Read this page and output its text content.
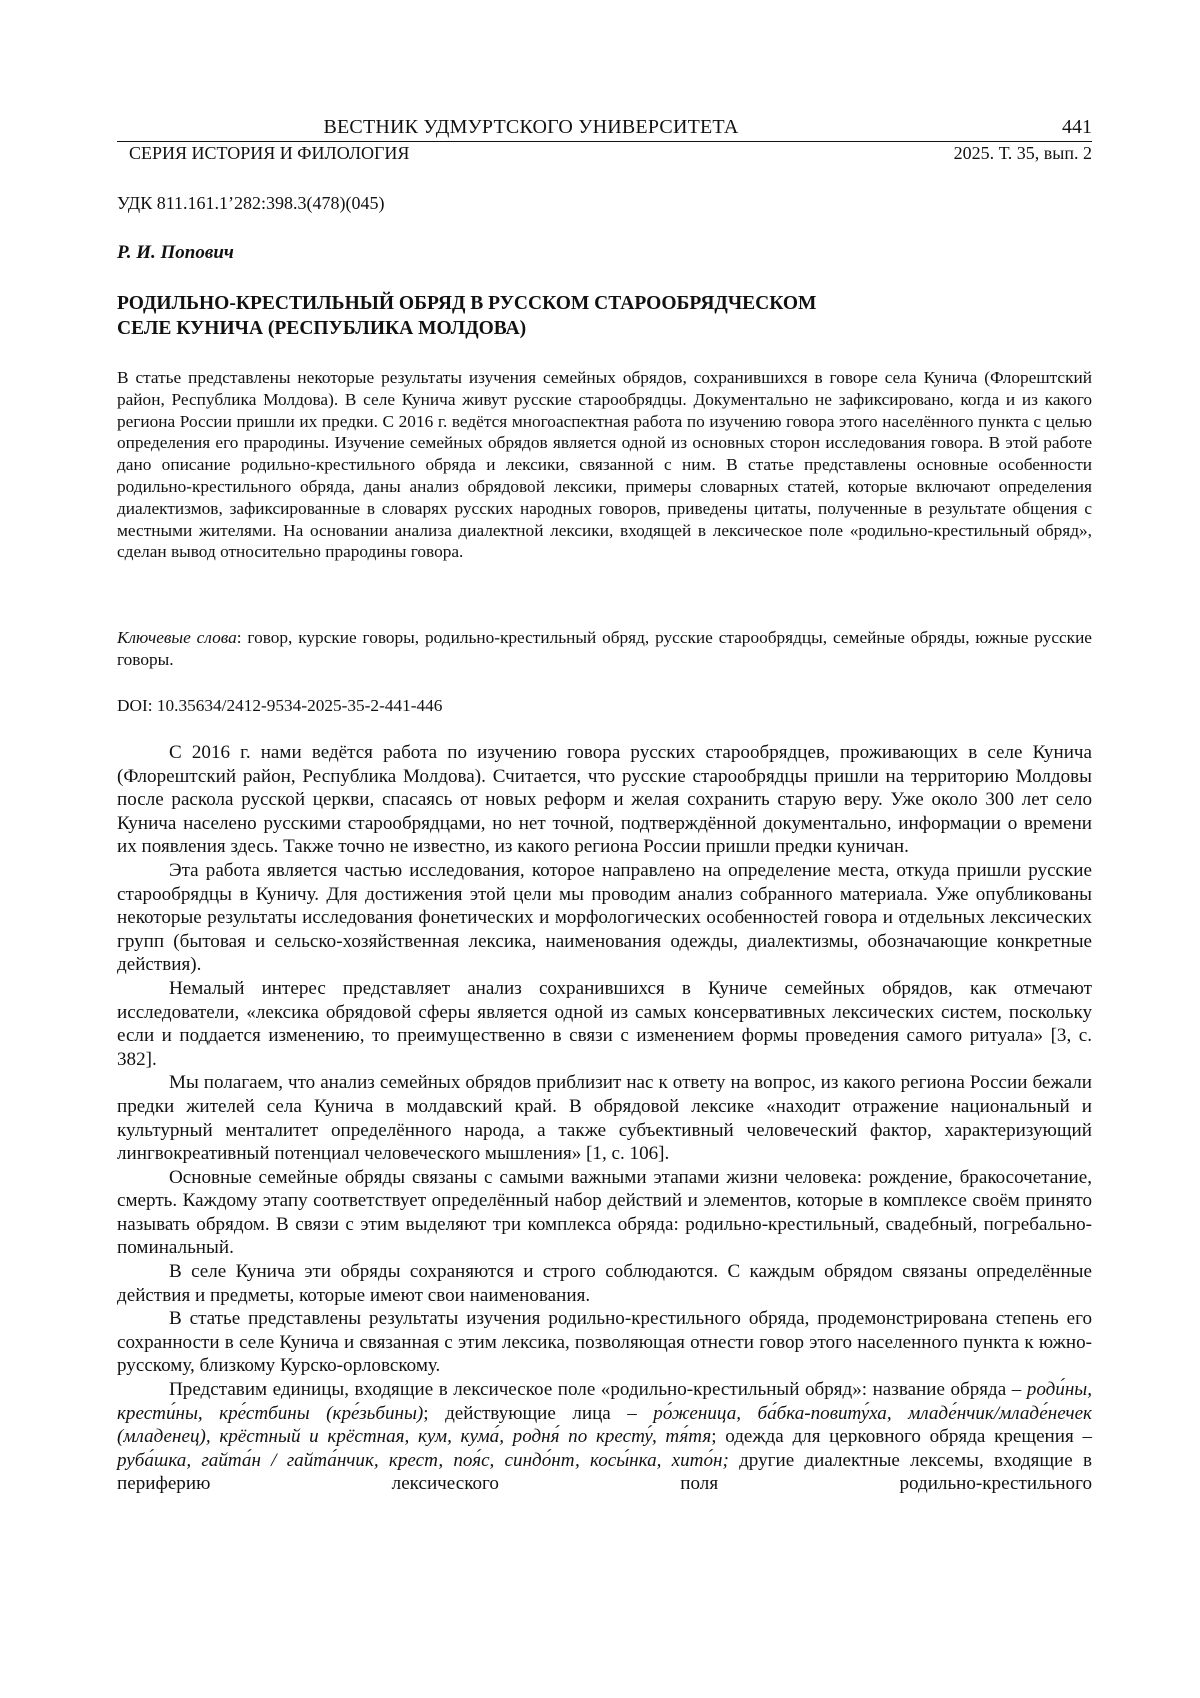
ВЕСТНИК УДМУРТСКОГО УНИВЕРСИТЕТА	441
СЕРИЯ ИСТОРИЯ И ФИЛОЛОГИЯ	2025. Т. 35, вып. 2
УДК 811.161.1’282:398.3(478)(045)
Р. И. Попович
РОДИЛЬНО-КРЕСТИЛЬНЫЙ ОБРЯД В РУССКОМ СТАРООБРЯДЧЕСКОМ
СЕЛЕ КУНИЧА (РЕСПУБЛИКА МОЛДОВА)

В статье представлены некоторые результаты изучения семейных обрядов, сохранившихся в говоре села Кунича (Флорештский район, Республика Молдова). В селе Кунича живут русские старообрядцы. Документально не зафиксировано, когда и из какого региона России пришли их предки. С 2016 г. ведётся многоаспектная работа по изучению говора этого населённого пункта с целью определения его прародины. Изучение семейных обрядов является одной из основных сторон исследования говора. В этой работе дано описание родильно-крестильного обряда и лексики, связанной с ним. В статье представлены основные особенности родильно-крестильного обряда, даны анализ обрядовой лексики, примеры словарных статей, которые включают определения диалектизмов, зафиксированные в словарях русских народных говоров, приведены цитаты, полученные в результате общения с местными жителями. На основании анализа диалектной лексики, входящей в лексическое поле «родильно-крестильный обряд», сделан вывод относительно прародины говора.

Ключевые слова: говор, курские говоры, родильно-крестильный обряд, русские старообрядцы, семейные обряды, южные русские говоры.

DOI: 10.35634/2412-9534-2025-35-2-441-446

С 2016 г. нами ведётся работа по изучению говора русских старообрядцев, проживающих в селе Кунича (Флорештский район, Республика Молдова). Считается, что русские старообрядцы пришли на территорию Молдовы после раскола русской церкви, спасаясь от новых реформ и желая сохранить старую веру. Уже около 300 лет село Кунича населено русскими старообрядцами, но нет точной, подтверждённой документально, информации о времени их появления здесь. Также точно не известно, из какого региона России пришли предки куничан.

Эта работа является частью исследования, которое направлено на определение места, откуда пришли русские старообрядцы в Куничу. Для достижения этой цели мы проводим анализ собранного материала. Уже опубликованы некоторые результаты исследования фонетических и морфологических особенностей говора и отдельных лексических групп (бытовая и сельско-хозяйственная лексика, наименования одежды, диалектизмы, обозначающие конкретные действия).

Немалый интерес представляет анализ сохранившихся в Куниче семейных обрядов, как отмечают исследователи, «лексика обрядовой сферы является одной из самых консервативных лексических систем, поскольку если и поддается изменению, то преимущественно в связи с изменением формы проведения самого ритуала» [3, с. 382].

Мы полагаем, что анализ семейных обрядов приблизит нас к ответу на вопрос, из какого региона России бежали предки жителей села Кунича в молдавский край. В обрядовой лексике «находит отражение национальный и культурный менталитет определённого народа, а также субъективный человеческий фактор, характеризующий лингвокреативный потенциал человеческого мышления» [1, с. 106].

Основные семейные обряды связаны с самыми важными этапами жизни человека: рождение, бракосочетание, смерть. Каждому этапу соответствует определённый набор действий и элементов, которые в комплексе своём принято называть обрядом. В связи с этим выделяют три комплекса обряда: родильно-крестильный, свадебный, погребально-поминальный.

В селе Кунича эти обряды сохраняются и строго соблюдаются. С каждым обрядом связаны определённые действия и предметы, которые имеют свои наименования.

В статье представлены результаты изучения родильно-крестильного обряда, продемонстрирована степень его сохранности в селе Кунича и связанная с этим лексика, позволяющая отнести говор этого населенного пункта к южно-русскому, близкому Курско-орловскому.

Представим единицы, входящие в лексическое поле «родильно-крестильный обряд»: название обряда – роди́ны, крести́ны, кре́стбины (кре́зьбины); действующие лица – ро́женица, ба́бка-повиту́ха, младе́нчик/младе́нечек (младенец), крёстный и крёстная, кум, кума́, родня́ по кресту́, тя́тя; одежда для церковного обряда крещения – руба́шка, гайта́н / гайта́нчик, крест, поя́с, синдо́нт, косы́нка, хито́н; другие диалектные лексемы, входящие в периферию лексического поля родильно-крестильного
